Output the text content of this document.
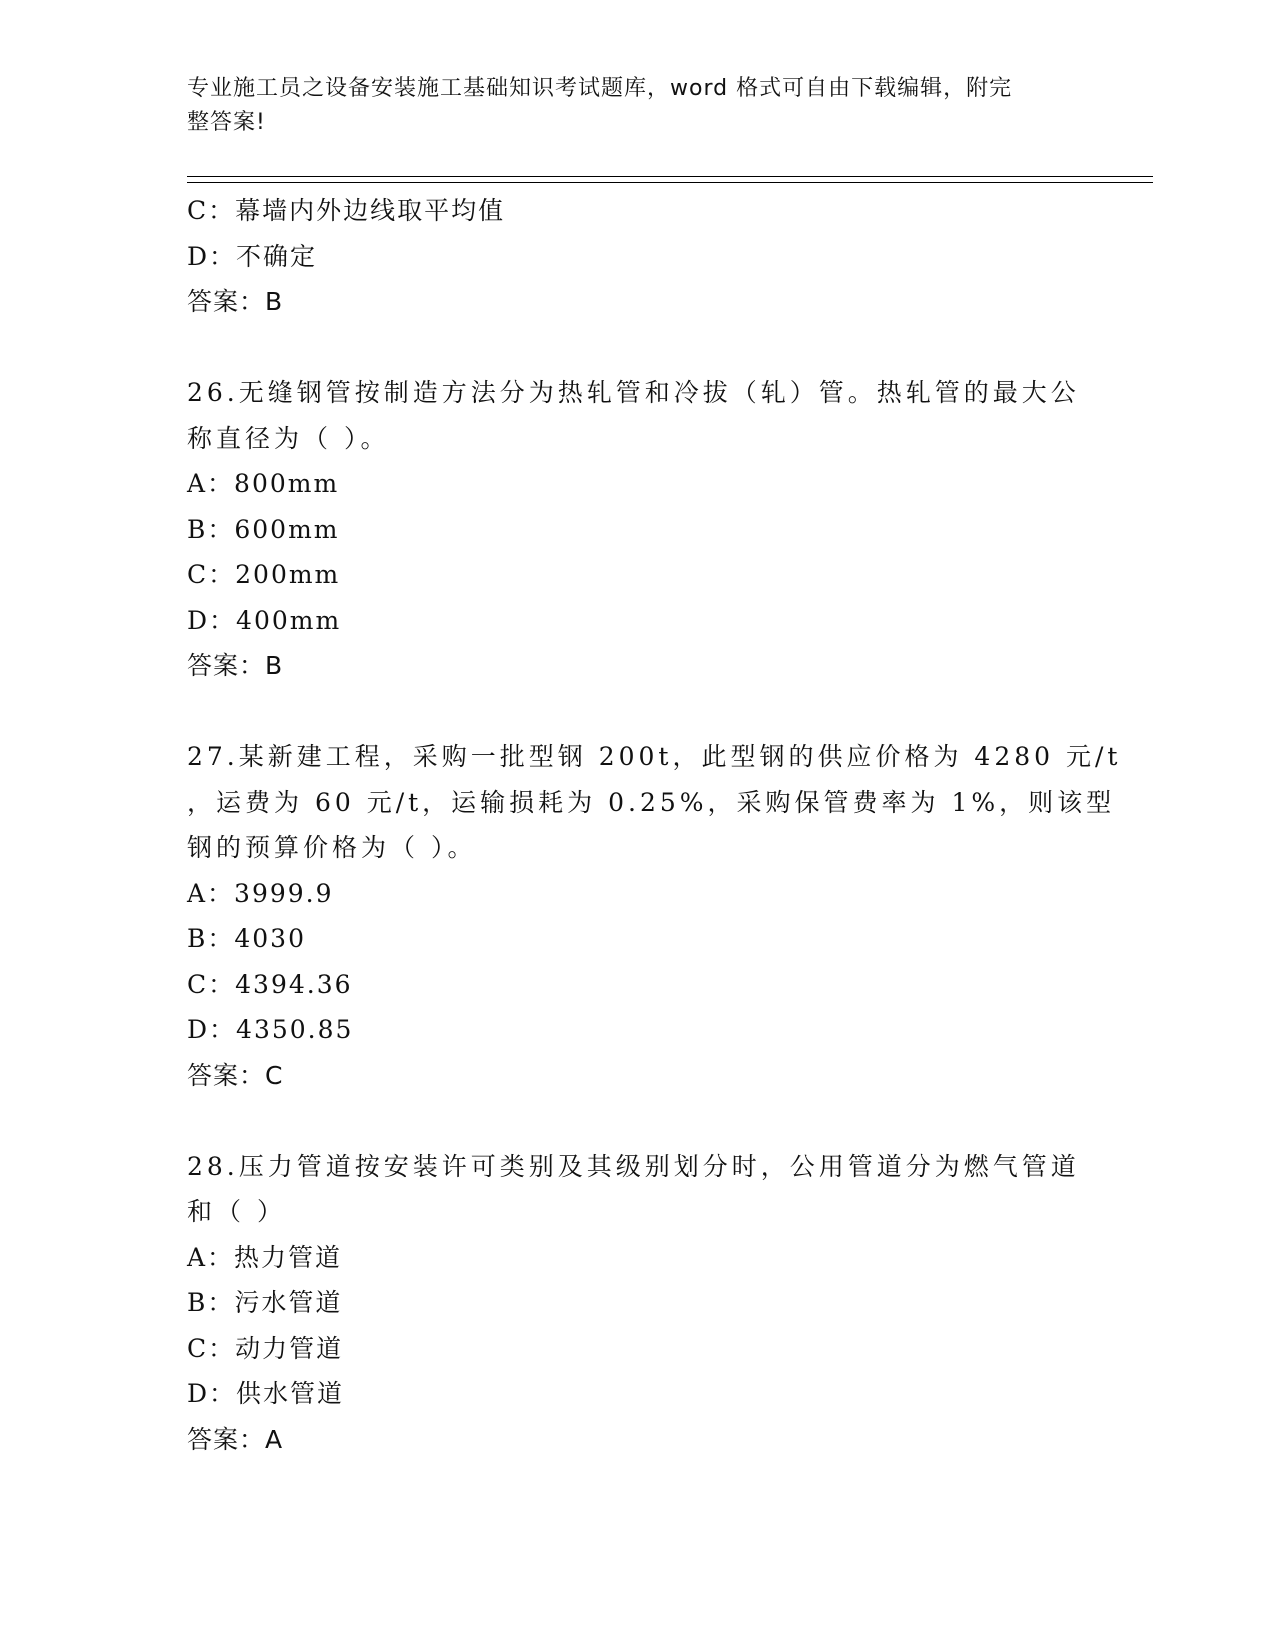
专业施工员之设备安装施工基础知识考试题库，word 格式可自由下载编辑，附完
整答案!
C：幕墙内外边线取平均值
D：不确定
答案：B
26.无缝钢管按制造方法分为热轧管和冷拔（轧）管。热轧管的最大公
称直径为（ ）。
A：800mm
B：600mm
C：200mm
D：400mm
答案：B
27.某新建工程，采购一批型钢 200t，此型钢的供应价格为 4280 元/t
，运费为 60 元/t，运输损耗为 0.25%，采购保管费率为 1%，则该型
钢的预算价格为（ ）。
A：3999.9
B：4030
C：4394.36
D：4350.85
答案：C
28.压力管道按安装许可类别及其级别划分时，公用管道分为燃气管道
和（ ）
A：热力管道
B：污水管道
C：动力管道
D：供水管道
答案：A
